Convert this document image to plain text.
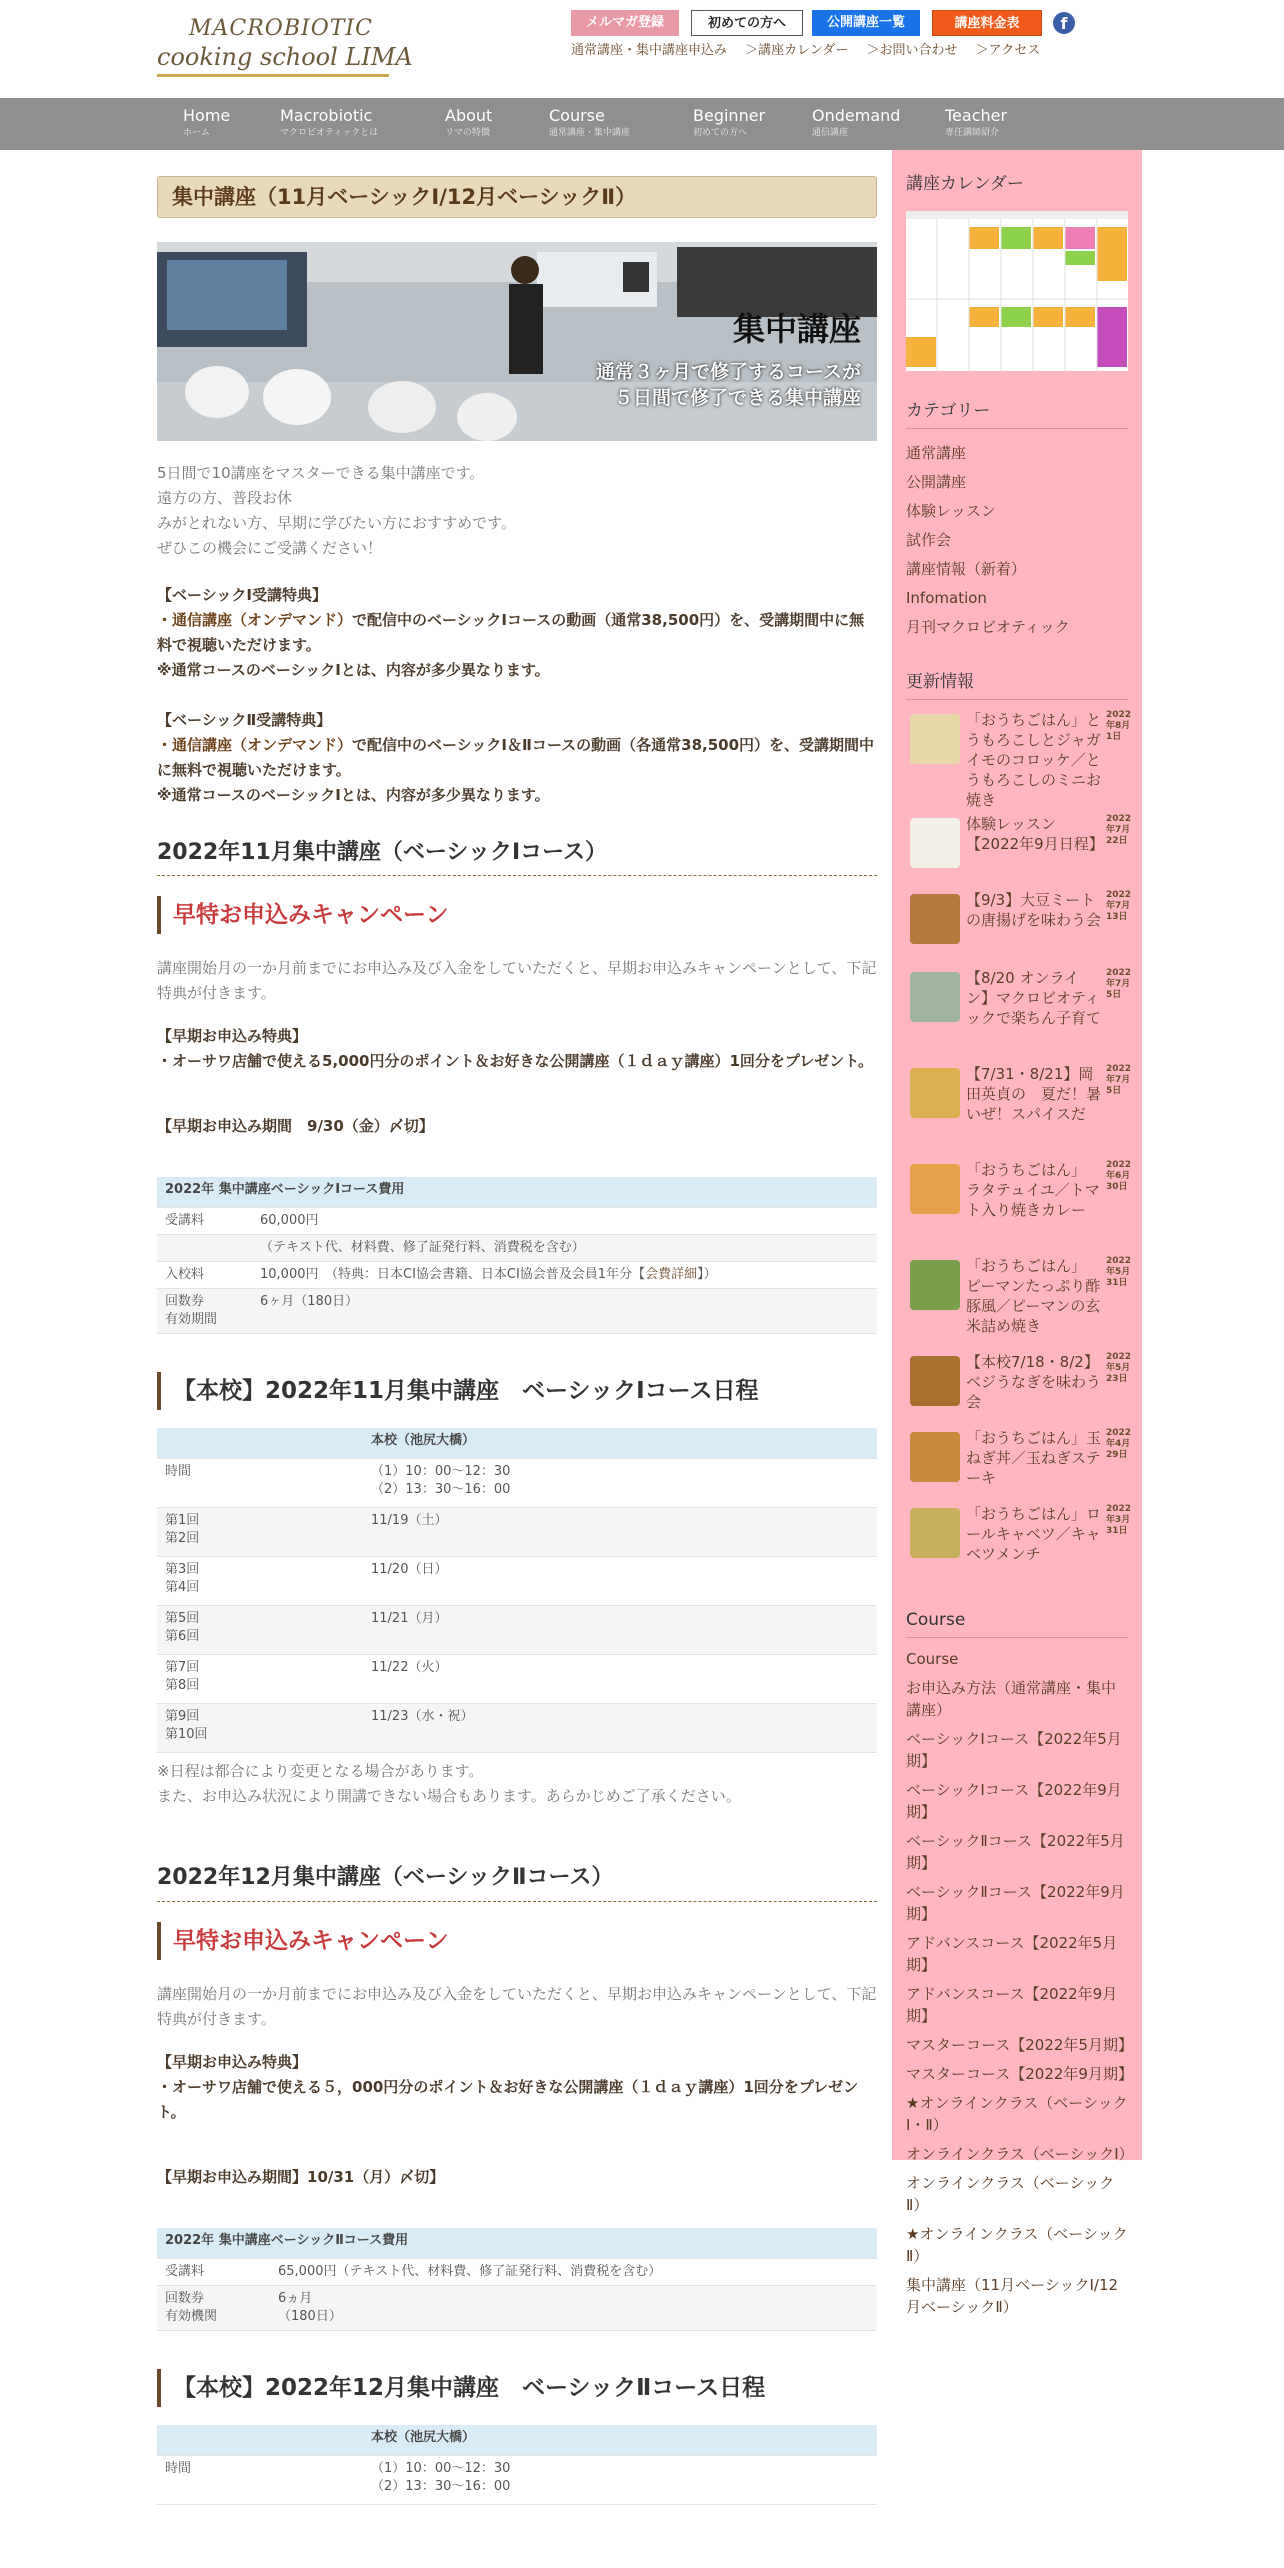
MACROBIOTIC
cooking school LIMA
メルマガ登録	初めての方へ	公開講座一覧	講座料金表	f
通常講座・集中講座申込み ＞講座カレンダー ＞お問い合わせ ＞アクセス
Home
ホーム
Macrobiotic
マクロビオティックとは
About
リマの特徴
Course
通常講座・集中講座
Beginner
初めての方へ
Ondemand
通信講座
Teacher
専任講師紹介
集中講座（11月ベーシックⅠ/12月ベーシックⅡ）
集中講座
通常３ヶ月で修了するコースが
５日間で修了できる集中講座

5日間で10講座をマスターできる集中講座です。

遠方の方、普段お休

みがとれない方、早期に学びたい方におすすめです。

ぜひこの機会にご受講ください！

【ベーシックⅠ受講特典】

・通信講座（オンデマンド）で配信中のベーシックⅠコースの動画（通常38,500円）を、受講期間中に無料で視聴いただけます。

※通常コースのベーシックⅠとは、内容が多少異なります。

【ベーシックⅡ受講特典】

・通信講座（オンデマンド）で配信中のベーシックⅠ＆Ⅱコースの動画（各通常38,500円）を、受講期間中に無料で視聴いただけます。

※通常コースのベーシックⅠとは、内容が多少異なります。

2022年11月集中講座（ベーシックⅠコース）
早特お申込みキャンペーン

講座開始月の一か月前までにお申込み及び入金をしていただくと、早期お申込みキャンペーンとして、下記特典が付きます。

【早期お申込み特典】

・オーサワ店舗で使える5,000円分のポイント＆お好きな公開講座（１ｄａｙ講座）1回分をプレゼント。

【早期お申込み期間　9/30（金）〆切】

2022年 集中講座ベーシックⅠコース費用	
受講料	60,000円
	（テキスト代、材料費、修了証発行料、消費税を含む）
入校料	10,000円　（特典：日本CI協会書籍、日本CI協会普及会員1年分【会費詳細】）
回数券
有効期間	6ヶ月（180日）
【本校】2022年11月集中講座　ベーシックⅠコース日程
	本校（池尻大橋）
時間	（1）10：00～12：30
（2）13：30～16：00
第1回
第2回	11/19（土）
第3回
第4回	11/20（日）
第5回
第6回	11/21（月）
第7回
第8回	11/22（火）
第9回
第10回	11/23（水・祝）

※日程は都合により変更となる場合があります。

また、お申込み状況により開講できない場合もあります。あらかじめご了承ください。

2022年12月集中講座（ベーシックⅡコース）
早特お申込みキャンペーン

講座開始月の一か月前までにお申込み及び入金をしていただくと、早期お申込みキャンペーンとして、下記特典が付きます。

【早期お申込み特典】

・オーサワ店舗で使える５，000円分のポイント＆お好きな公開講座（１ｄａｙ講座）1回分をプレゼント。

【早期お申込み期間】10/31（月）〆切】

2022年 集中講座ベーシックⅡコース費用	
受講料	65,000円（テキスト代、材料費、修了証発行料、消費税を含む）
回数券
有効機関	6ヵ月
（180日）
【本校】2022年12月集中講座　ベーシックⅡコース日程
	本校（池尻大橋）
時間	（1）10：00～12：30
（2）13：30～16：00
講座カレンダー
カテゴリー
通常講座
公開講座
体験レッスン
試作会
講座情報（新着）
Infomation
月刊マクロビオティック
更新情報
「おうちごはん」とうもろこしとジャガイモのコロッケ／とうもろこしのミニお焼き
2022年8月1日
体験レッスン【2022年9月日程】
2022年7月22日
【9/3】大豆ミートの唐揚げを味わう会
2022年7月13日
【8/20 オンライン】マクロビオティックで楽ちん子育て
2022年7月5日
【7/31・8/21】岡田英貞の　夏だ！暑いぜ！スパイスだ
2022年7月5日
「おうちごはん」ラタテュイユ／トマト入り焼きカレー
2022年6月30日
「おうちごはん」ピーマンたっぷり酢豚風／ピーマンの玄米詰め焼き
2022年5月31日
【本校7/18・8/2】ベジうなぎを味わう会
2022年5月23日
「おうちごはん」玉ねぎ丼／玉ねぎステーキ
2022年4月29日
「おうちごはん」ロールキャベツ／キャベツメンチ
2022年3月31日
Course
Course
お申込み方法（通常講座・集中講座）
ベーシックⅠコース【2022年5月期】
ベーシックⅠコース【2022年9月期】
ベーシックⅡコース【2022年5月期】
ベーシックⅡコース【2022年9月期】
アドバンスコース【2022年5月期】
アドバンスコース【2022年9月期】
マスターコース【2022年5月期】
マスターコース【2022年9月期】
★オンラインクラス（ベーシックⅠ・Ⅱ）
オンラインクラス（ベーシックⅠ）
オンラインクラス（ベーシックⅡ）
★オンラインクラス（ベーシックⅡ）
集中講座（11月ベーシックⅠ/12月ベーシックⅡ）
